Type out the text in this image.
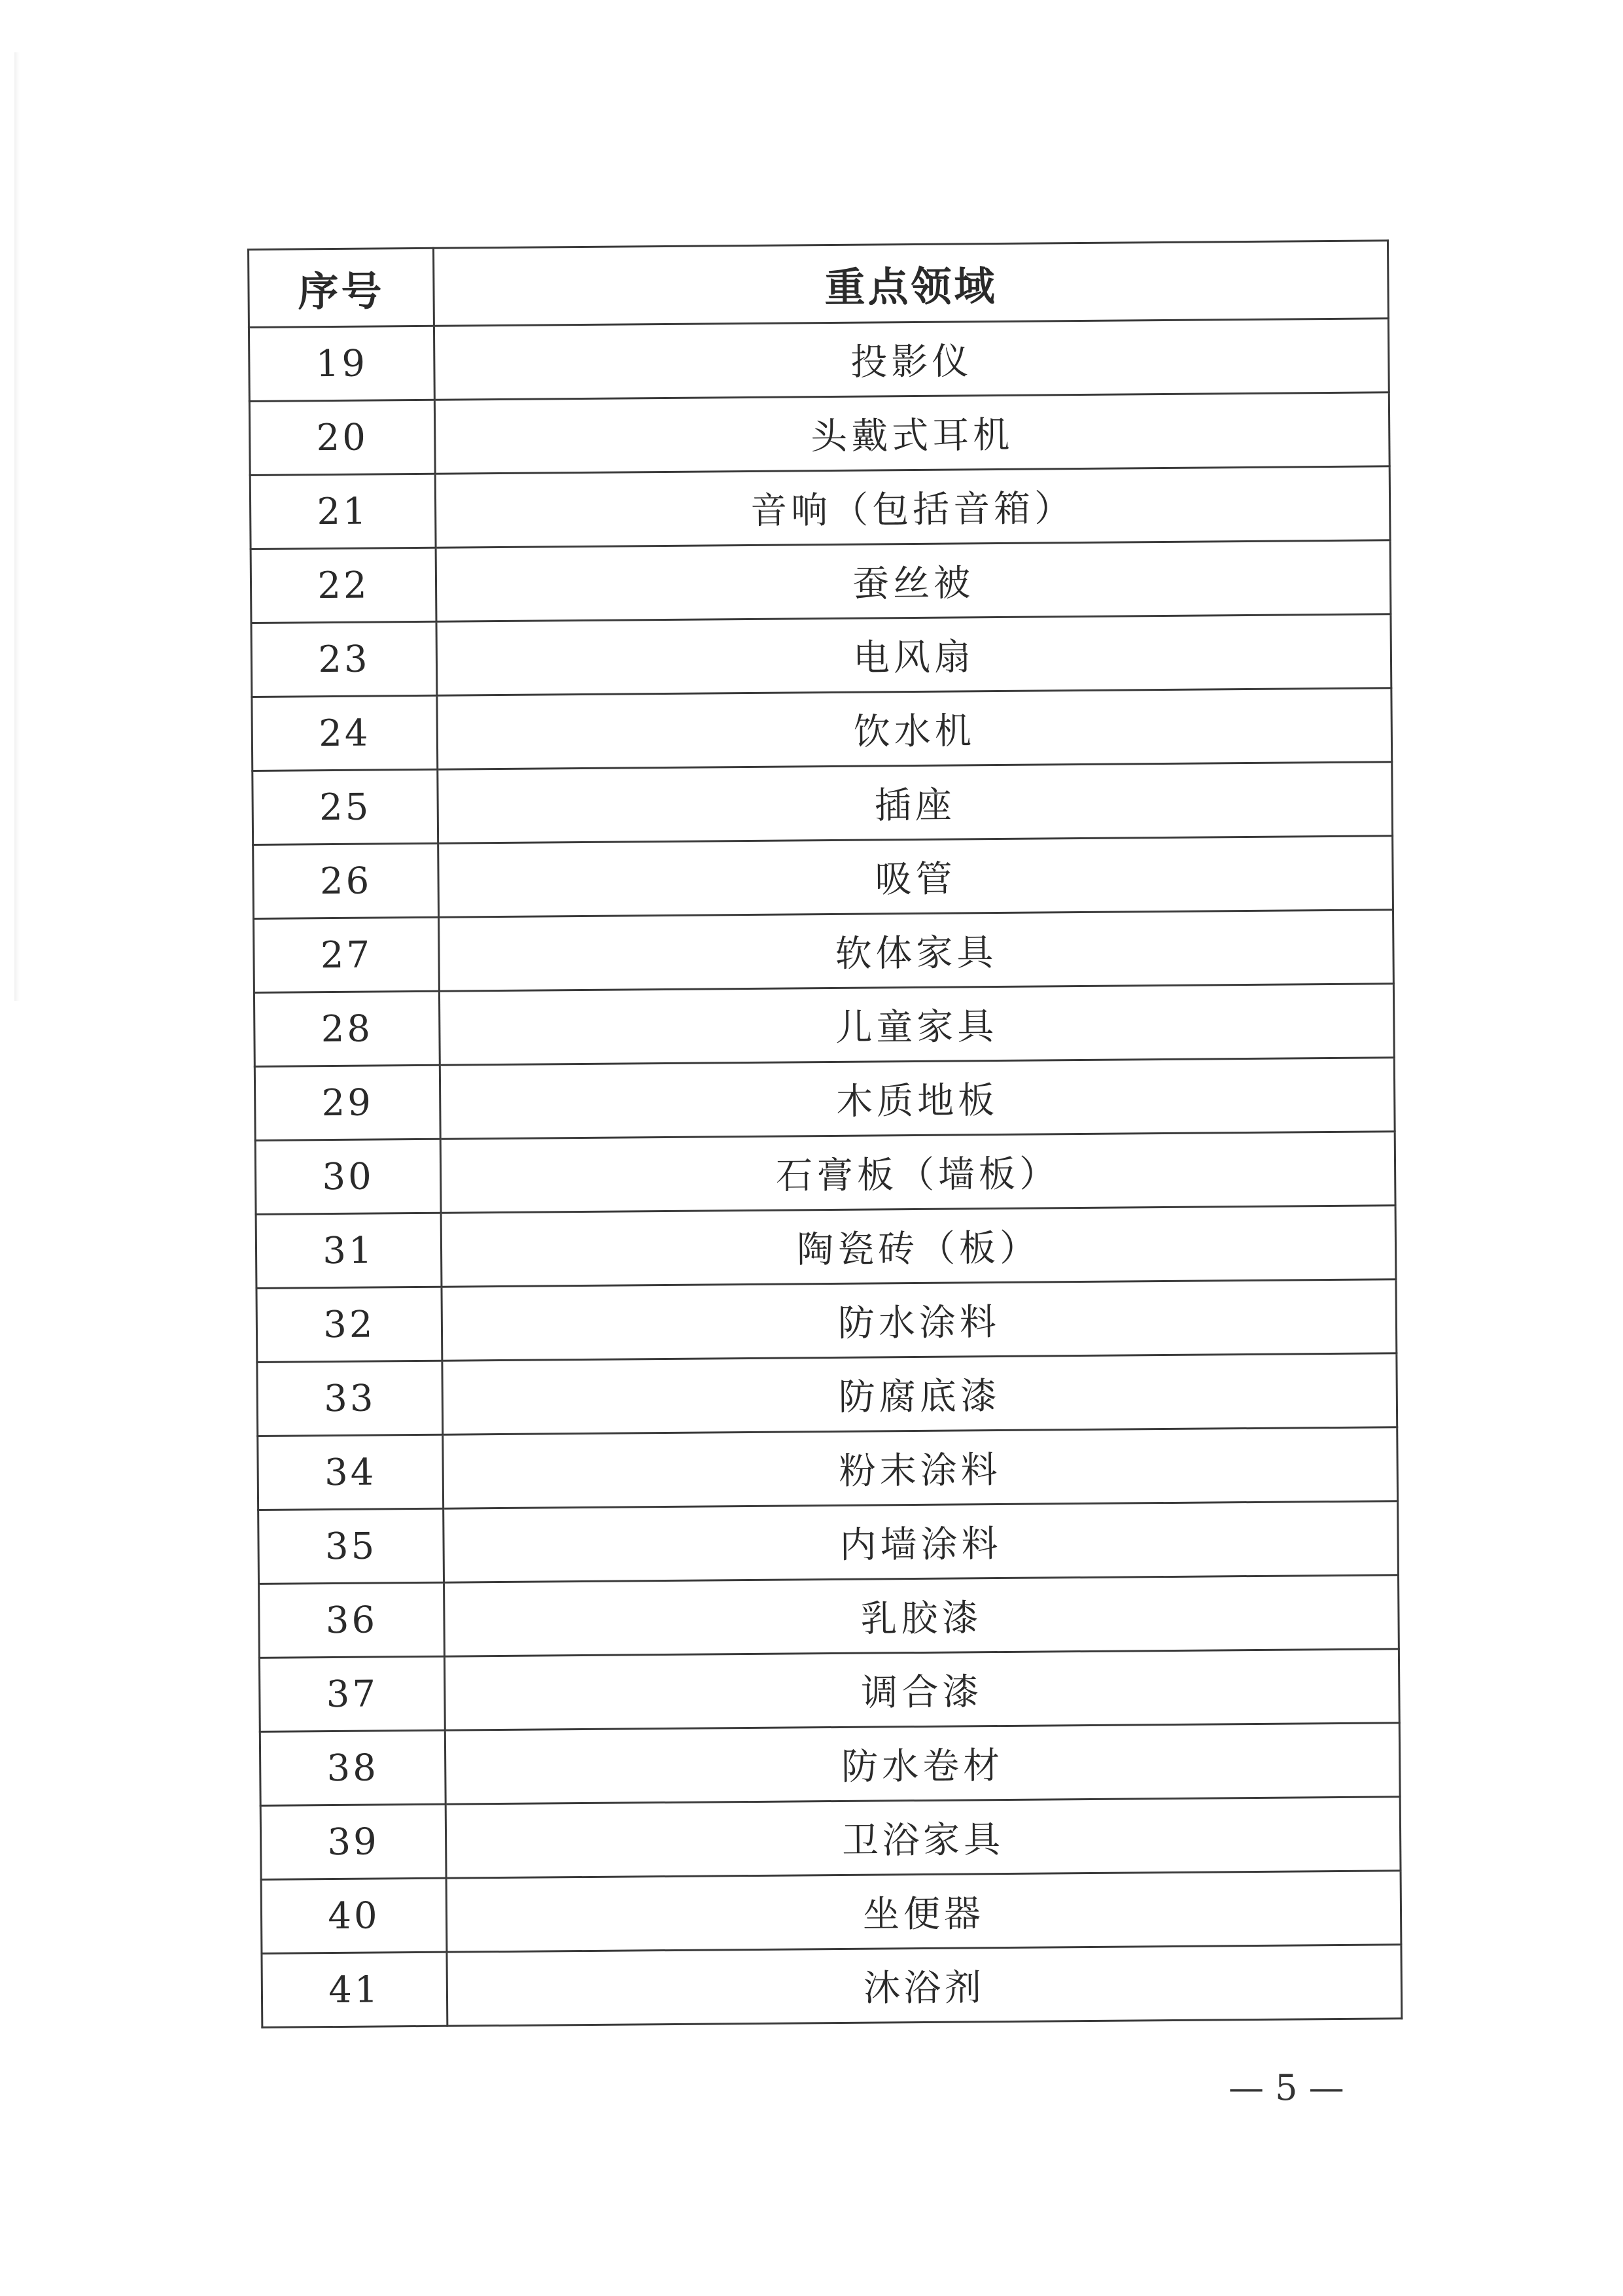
序号	重点领域
19	投影仪
20	头戴式耳机
21	音响（包括音箱）
22	蚕丝被
23	电风扇
24	饮水机
25	插座
26	吸管
27	软体家具
28	儿童家具
29	木质地板
30	石膏板（墙板）
31	陶瓷砖（板）
32	防水涂料
33	防腐底漆
34	粉末涂料
35	内墙涂料
36	乳胶漆
37	调合漆
38	防水卷材
39	卫浴家具
40	坐便器
41	沐浴剂
— 5 —
